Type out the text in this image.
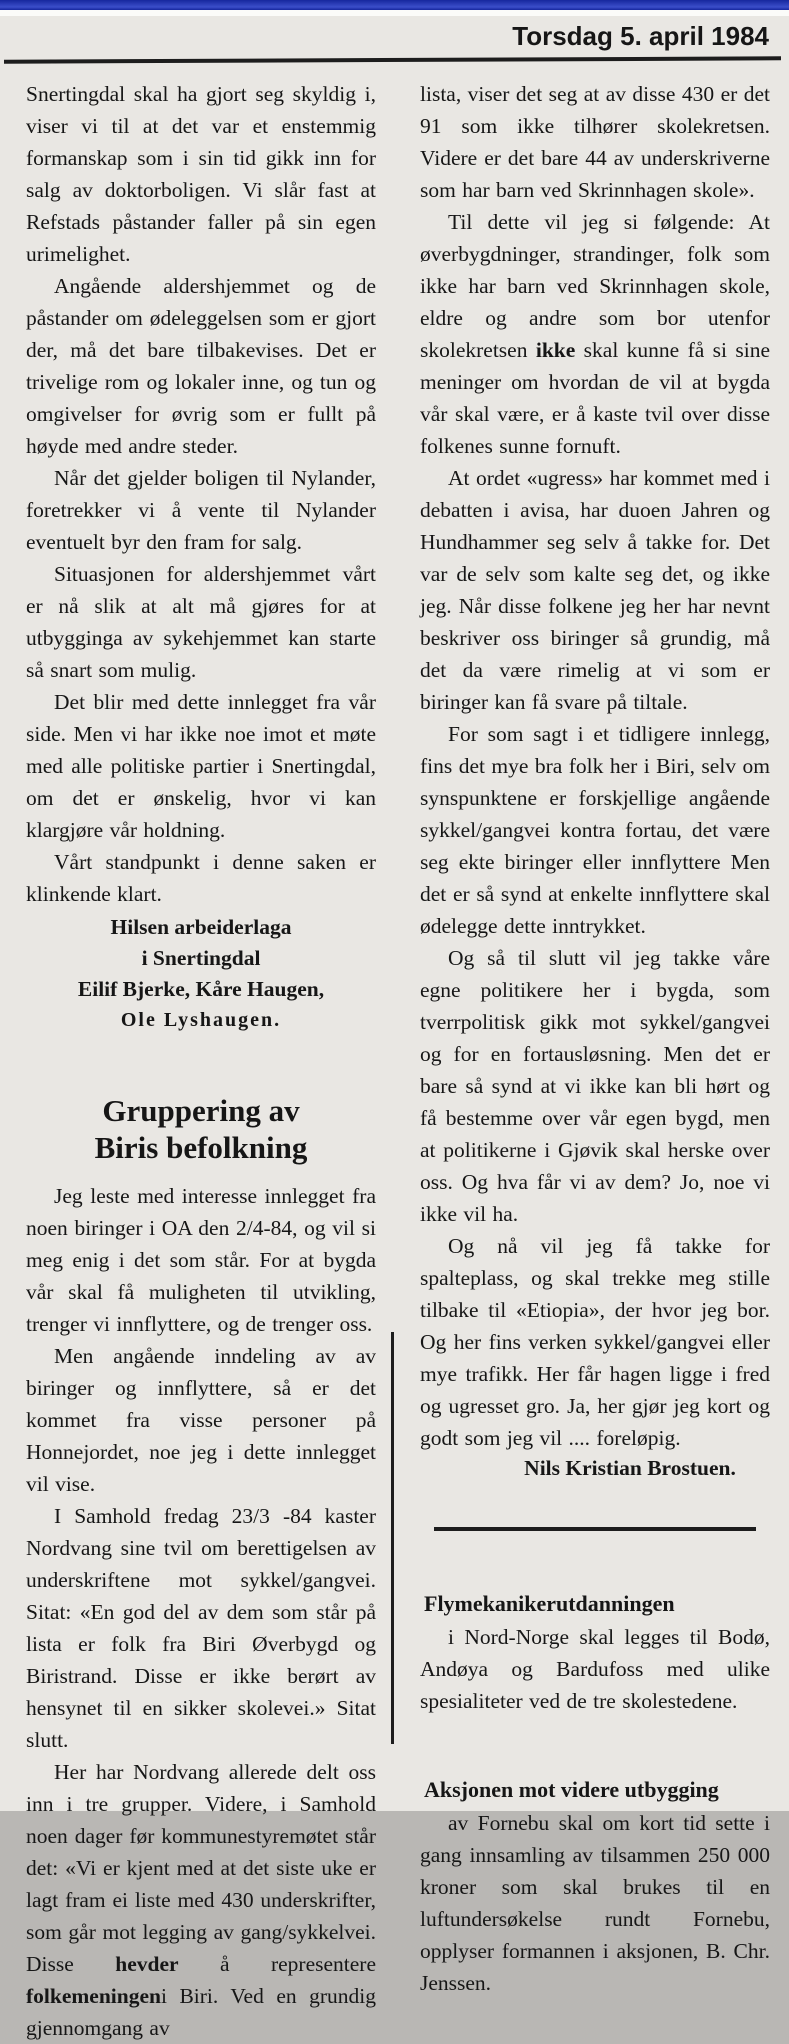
Torsdag 5. april 1984

Snertingdal skal ha gjort seg skyldig i, viser vi til at det var et enstemmig formanskap som i sin tid gikk inn for salg av doktorboligen. Vi slår fast at Refstads påstander faller på sin egen urimelighet.

Angående aldershjemmet og de påstander om ødeleggelsen som er gjort der, må det bare tilbakevises. Det er trivelige rom og lokaler inne, og tun og omgivelser for øvrig som er fullt på høyde med andre steder.

Når det gjelder boligen til Nylander, foretrekker vi å vente til Nylander eventuelt byr den fram for salg.

Situasjonen for aldershjemmet vårt er nå slik at alt må gjøres for at utbygginga av sykehjemmet kan starte så snart som mulig.

Det blir med dette innlegget fra vår side. Men vi har ikke noe imot et møte med alle politiske partier i Snertingdal, om det er ønskelig, hvor vi kan klargjøre vår holdning.

Vårt standpunkt i denne saken er klinkende klart.

Hilsen arbeiderlaga
i Snertingdal
Eilif Bjerke, Kåre Haugen,
Ole Lyshaugen.
Gruppering av
Biris befolkning

Jeg leste med interesse innlegget fra noen biringer i OA den 2/4-84, og vil si meg enig i det som står. For at bygda vår skal få muligheten til utvikling, trenger vi innflyttere, og de trenger oss.

Men angående inndeling av av biringer og innflyttere, så er det kommet fra visse personer på Honnejordet, noe jeg i dette innlegget vil vise.

I Samhold fredag 23/3 -84 kaster Nordvang sine tvil om berettigelsen av underskriftene mot sykkel/gangvei. Sitat: «En god del av dem som står på lista er folk fra Biri Øverbygd og Biristrand. Disse er ikke berørt av hensynet til en sikker skolevei.» Sitat slutt.

Her har Nordvang allerede delt oss inn i tre grupper. Videre, i Samhold noen dager før kommunestyremøtet står det: «Vi er kjent med at det siste uke er lagt fram ei liste med 430 underskrifter, som går mot legging av gang/sykkelvei. Disse hevder å representere folkemeningeni Biri. Ved en grundig gjennomgang av

lista, viser det seg at av disse 430 er det 91 som ikke tilhører skolekretsen. Videre er det bare 44 av underskriverne som har barn ved Skrinnhagen skole».

Til dette vil jeg si følgende: At øverbygdninger, strandinger, folk som ikke har barn ved Skrinnhagen skole, eldre og andre som bor utenfor skolekretsen ikke skal kunne få si sine meninger om hvordan de vil at bygda vår skal være, er å kaste tvil over disse folkenes sunne fornuft.

At ordet «ugress» har kommet med i debatten i avisa, har duoen Jahren og Hundhammer seg selv å takke for. Det var de selv som kalte seg det, og ikke jeg. Når disse folkene jeg her har nevnt beskriver oss biringer så grundig, må det da være rimelig at vi som er biringer kan få svare på tiltale.

For som sagt i et tidligere innlegg, fins det mye bra folk her i Biri, selv om synspunktene er forskjellige angående sykkel/gangvei kontra fortau, det være seg ekte biringer eller innflyttere Men det er så synd at enkelte innflyttere skal ødelegge dette inntrykket.

Og så til slutt vil jeg takke våre egne politikere her i bygda, som tverrpolitisk gikk mot sykkel/gangvei og for en fortausløsning. Men det er bare så synd at vi ikke kan bli hørt og få bestemme over vår egen bygd, men at politikerne i Gjøvik skal herske over oss. Og hva får vi av dem? Jo, noe vi ikke vil ha.

Og nå vil jeg få takke for spalteplass, og skal trekke meg stille tilbake til «Etiopia», der hvor jeg bor. Og her fins verken sykkel/gangvei eller mye trafikk. Her får hagen ligge i fred og ugresset gro. Ja, her gjør jeg kort og godt som jeg vil .... foreløpig.

Nils Kristian Brostuen.

Flymekanikerutdanningen

i Nord-Norge skal legges til Bodø, Andøya og Bardufoss med ulike spesialiteter ved de tre skolestedene.

Aksjonen mot videre utbygging

av Fornebu skal om kort tid sette i gang innsamling av tilsammen 250 000 kroner som skal brukes til en luftundersøkelse rundt Fornebu, opplyser formannen i aksjonen, B. Chr. Jenssen.
